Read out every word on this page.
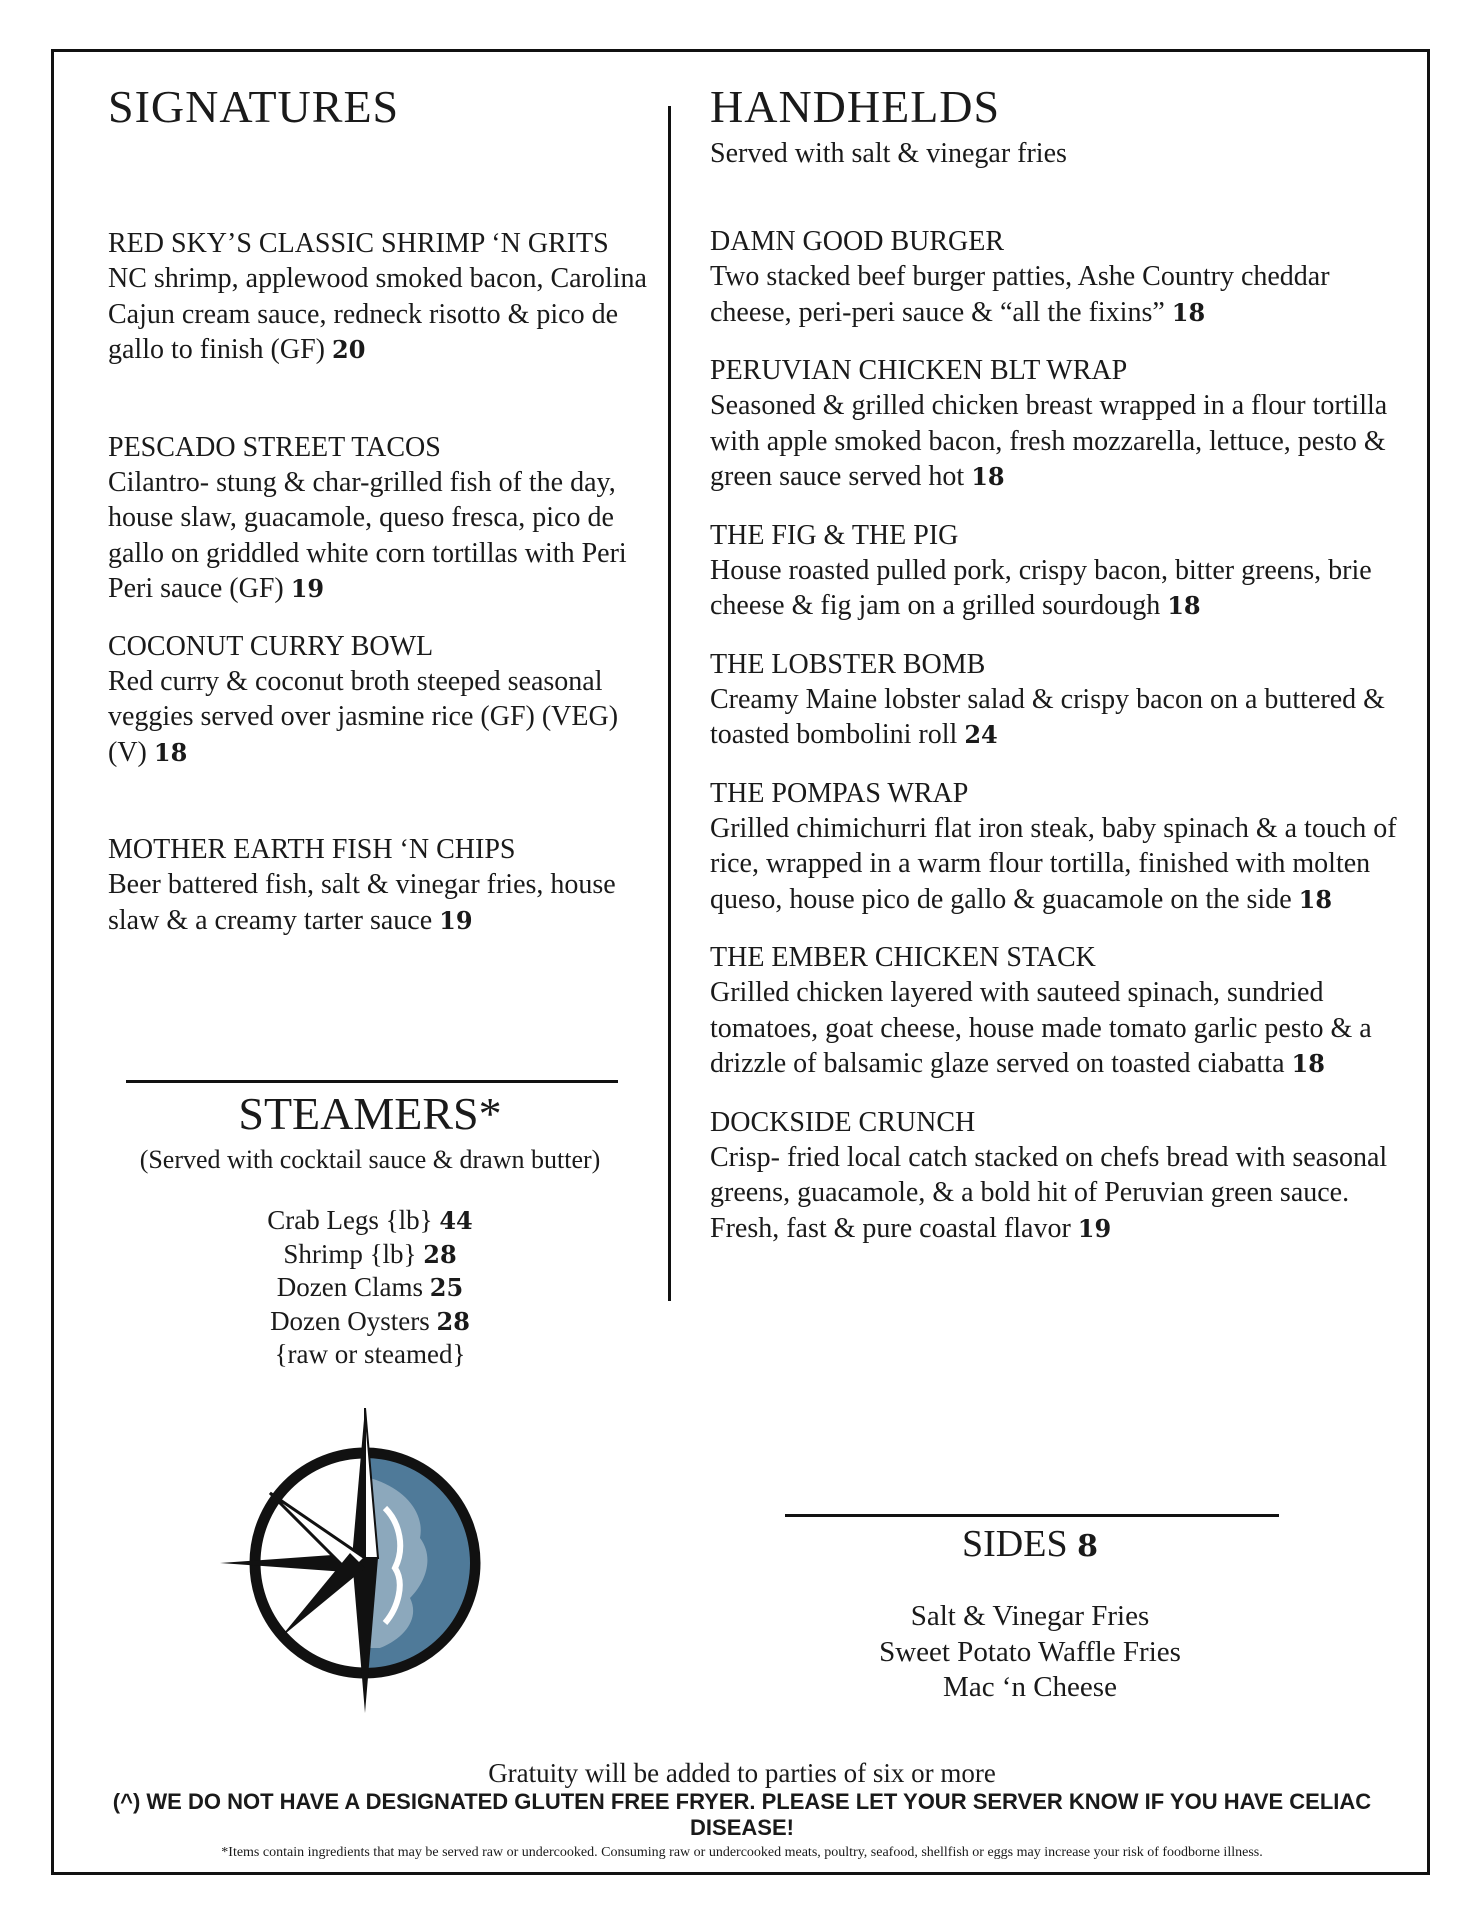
SIGNATURES
RED SKY’S CLASSIC SHRIMP ‘N GRITS
NC shrimp, applewood smoked bacon, Carolina Cajun cream sauce, redneck risotto & pico de gallo to finish (GF) 20
PESCADO STREET TACOS
Cilantro- stung & char-grilled fish of the day, house slaw, guacamole, queso fresca, pico de gallo on griddled white corn tortillas with Peri Peri sauce (GF) 19
COCONUT CURRY BOWL
Red curry & coconut broth steeped seasonal veggies served over jasmine rice (GF) (VEG) (V) 18
MOTHER EARTH FISH ‘N CHIPS
Beer battered fish, salt & vinegar fries, house slaw & a creamy tarter sauce 19
STEAMERS*
(Served with cocktail sauce & drawn butter)
Crab Legs {lb} 44
Shrimp {lb} 28
Dozen Clams 25
Dozen Oysters 28
{raw or steamed}
HANDHELDS
Served with salt & vinegar fries
DAMN GOOD BURGER
Two stacked beef burger patties, Ashe Country cheddar cheese, peri-peri sauce & “all the fixins” 18
PERUVIAN CHICKEN BLT WRAP
Seasoned & grilled chicken breast wrapped in a flour tortilla with apple smoked bacon, fresh mozzarella, lettuce, pesto & green sauce served hot 18
THE FIG & THE PIG
House roasted pulled pork, crispy bacon, bitter greens, brie cheese & fig jam on a grilled sourdough 18
THE LOBSTER BOMB
Creamy Maine lobster salad & crispy bacon on a buttered & toasted bombolini roll 24
THE POMPAS WRAP
Grilled chimichurri flat iron steak, baby spinach & a touch of rice, wrapped in a warm flour tortilla, finished with molten queso, house pico de gallo & guacamole on the side 18
THE EMBER CHICKEN STACK
Grilled chicken layered with sauteed spinach, sundried tomatoes, goat cheese, house made tomato garlic pesto & a drizzle of balsamic glaze served on toasted ciabatta 18
DOCKSIDE CRUNCH
Crisp- fried local catch stacked on chefs bread with seasonal greens, guacamole, & a bold hit of Peruvian green sauce. Fresh, fast & pure coastal flavor 19
SIDES 8
Salt & Vinegar Fries
Sweet Potato Waffle Fries
Mac ‘n Cheese
Gratuity will be added to parties of six or more
(^) WE DO NOT HAVE A DESIGNATED GLUTEN FREE FRYER. PLEASE LET YOUR SERVER KNOW IF YOU HAVE CELIAC DISEASE!
*Items contain ingredients that may be served raw or undercooked. Consuming raw or undercooked meats, poultry, seafood, shellfish or eggs may increase your risk of foodborne illness.
